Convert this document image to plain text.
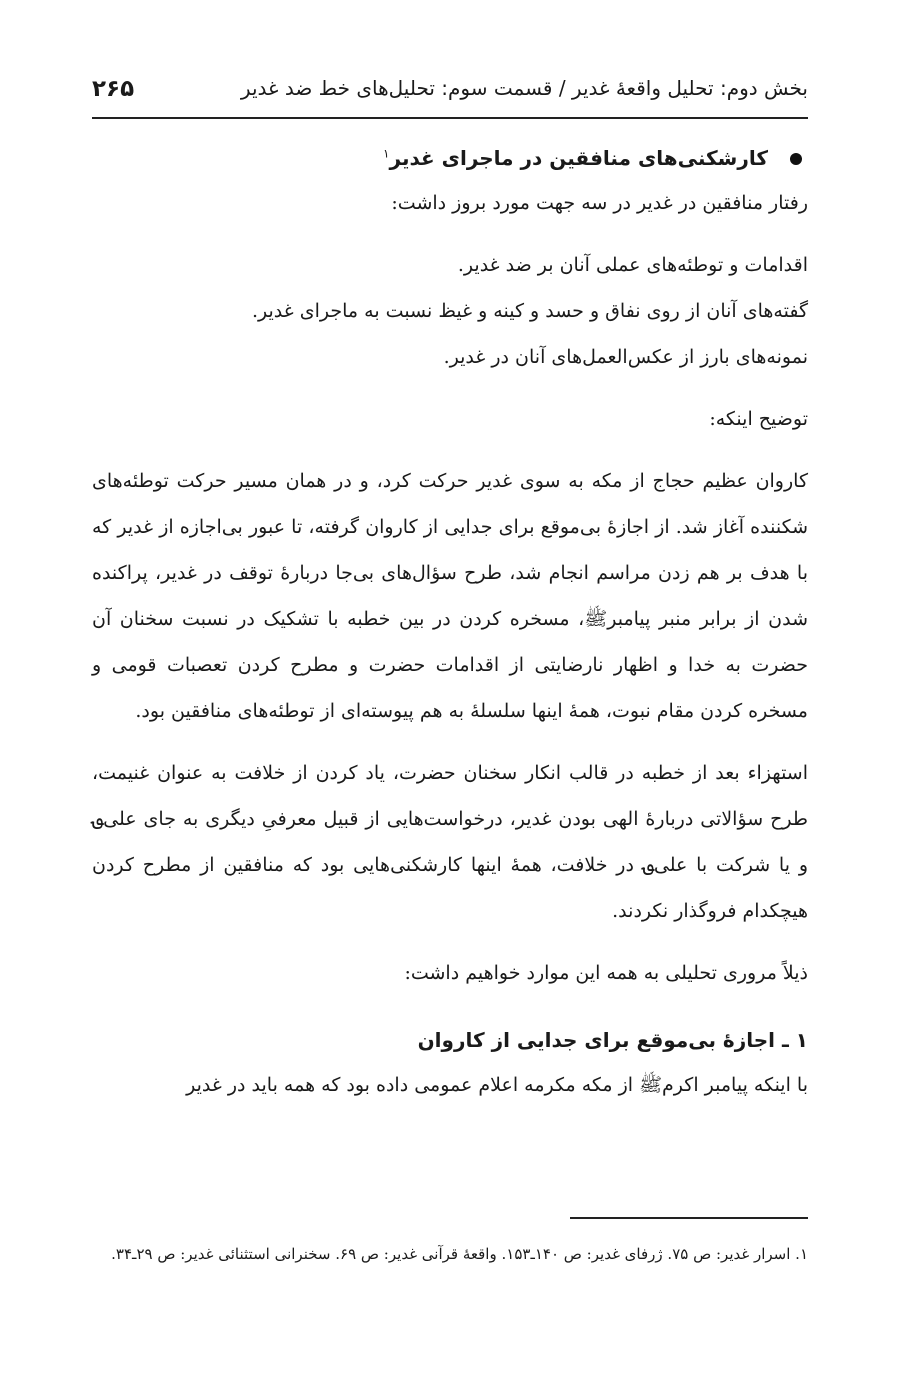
بخش دوم: تحلیل واقعهٔ غدیر / قسمت سوم: تحلیل‌های خط ضد غدیر
۲۶۵

کارشکنی‌های منافقین در ماجرای غدیر$^۱$

رفتار منافقین در غدیر در سه جهت مورد بروز داشت:

اقدامات و توطئه‌های عملی آنان بر ضد غدیر.

گفته‌های آنان از روی نفاق و حسد و کینه و غیظ نسبت به ماجرای غدیر.

نمونه‌های بارز از عکس‌العمل‌های آنان در غدیر.

توضیح اینکه:

کاروان عظیم حجاج از مکه به سوی غدیر حرکت کرد، و در همان مسیر حرکت توطئه‌های شکننده آغاز شد. از اجازهٔ بی‌موقع برای جدایی از کاروان گرفته، تا عبور بی‌اجازه از غدیر که با هدف بر هم زدن مراسم انجام شد، طرح سؤال‌های بی‌جا دربارهٔ توقف در غدیر، پراکنده شدن از برابر منبر پیامبرﷺ، مسخره کردن در بین خطبه با تشکیک در نسبت سخنان آن حضرت به خدا و اظهار نارضایتی از اقدامات حضرت و مطرح کردن تعصبات قومی و مسخره کردن مقام نبوت، همهٔ اینها سلسلهٔ به هم پیوسته‌ای از توطئه‌های منافقین بود.

استهزاء بعد از خطبه در قالب انکار سخنان حضرت، یاد کردن از خلافت به عنوان غنیمت، طرح سؤالاتی دربارهٔ الهی بودن غدیر، درخواست‌هایی از قبیل معرفیِ دیگری به جای علی؈ و یا شرکت با علی؈ در خلافت، همهٔ اینها کارشکنی‌هایی بود که منافقین از مطرح کردن هیچکدام فروگذار نکردند.

ذیلاً مروری تحلیلی به همه این موارد خواهیم داشت:

۱ ـ اجازهٔ بی‌موقع برای جدایی از کاروان

با اینکه پیامبر اکرمﷺ از مکه مکرمه اعلام عمومی داده بود که همه باید در غدیر

۱. اسرار غدیر: ص ۷۵. ژرفای غدیر: ص ۱۴۰ـ۱۵۳. واقعهٔ قرآنی غدیر: ص ۶۹. سخنرانی استثنائی غدیر: ص ۲۹ـ۳۴.
